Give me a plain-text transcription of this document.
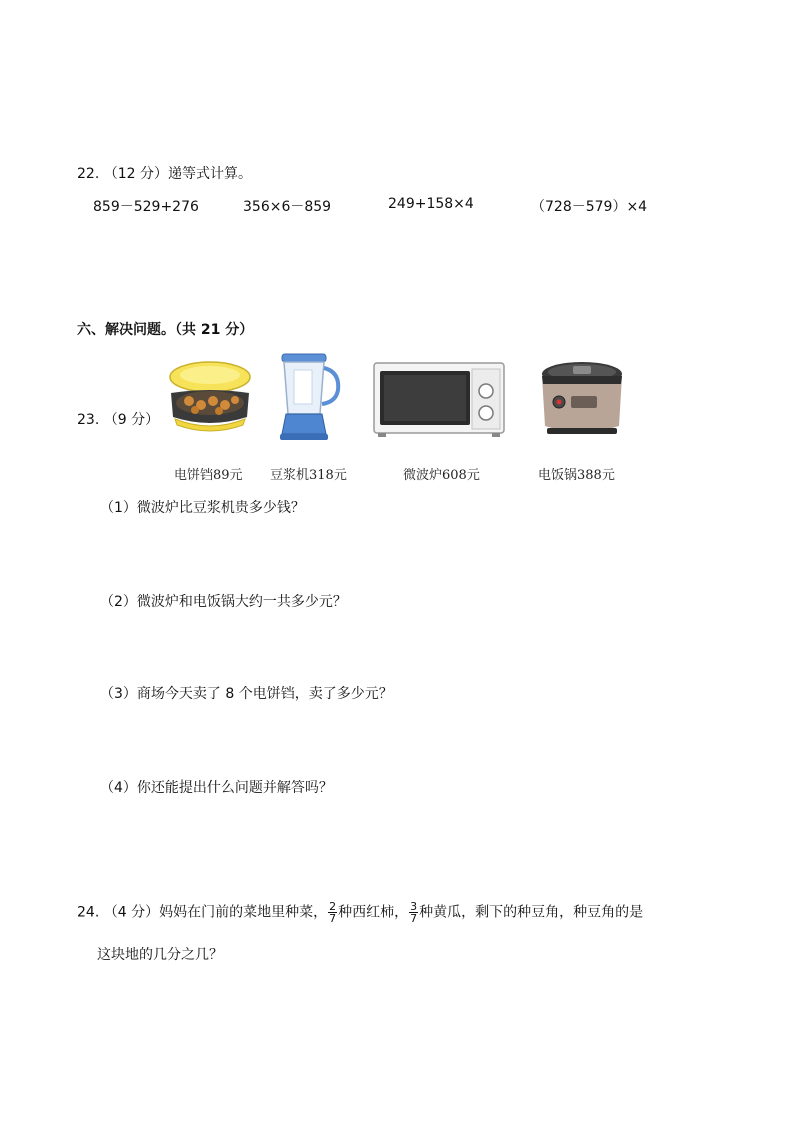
22. （12 分）递等式计算。
859－529+276	356×6－859	249+158×4	（728－579）×4
六、解决问题。（共 21 分）
23. （9 分）
电饼铛89元 豆浆机318元	微波炉608元	电饭锅388元
（1）微波炉比豆浆机贵多少钱？
（2）微波炉和电饭锅大约一共多少元？
（3）商场今天卖了 8 个电饼铛，卖了多少元？
（4）你还能提出什么问题并解答吗？
24. （4 分）妈妈在门前的菜地里种菜， $\frac{2}{7}$ 种西红柿， $\frac{3}{7}$ 种黄瓜，剩下的种豆角，种豆角的是
这块地的几分之几？
